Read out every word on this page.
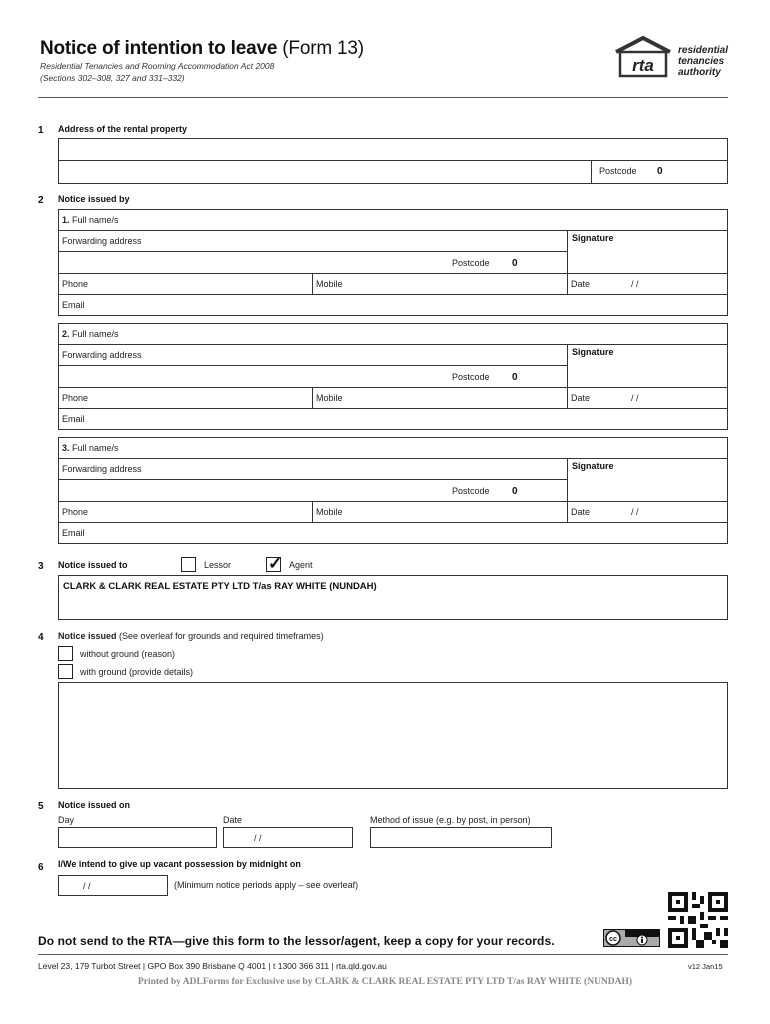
Notice of intention to leave (Form 13)
Residential Tenancies and Rooming Accommodation Act 2008
(Sections 302–308, 327 and 331–332)
rta
residential
tenancies
authority
1 Address of the rental property
Postcode 0
2 Notice issued by
1. Full name/s
Forwarding address	Signature
Postcode 0
Phone	Mobile	Date	/ /
Email
2. Full name/s
Forwarding address	Signature
Postcode 0
Phone	Mobile	Date	/ /
Email
3. Full name/s
Forwarding address	Signature
Postcode 0
Phone	Mobile	Date	/ /
Email
3 Notice issued to	Lessor
✓	Agent
CLARK & CLARK REAL ESTATE PTY LTD T/as RAY WHITE (NUNDAH)
4 Notice issued (See overleaf for grounds and required timeframes)
without ground (reason)
with ground (provide details)
5 Notice issued on
Day	Date	Method of issue (e.g. by post, in person)
/ /
6 I/We intend to give up vacant possession by midnight on
/ /	(Minimum notice periods apply – see overleaf)
cc
Do not send to the RTA—give this form to the lessor/agent, keep a copy for your records.
Level 23, 179 Turbot Street | GPO Box 390 Brisbane Q 4001 | t 1300 366 311 | rta.qld.gov.au	v12 Jan15
Printed by ADLForms for Exclusive use by CLARK & CLARK REAL ESTATE PTY LTD T/as RAY WHITE (NUNDAH)
